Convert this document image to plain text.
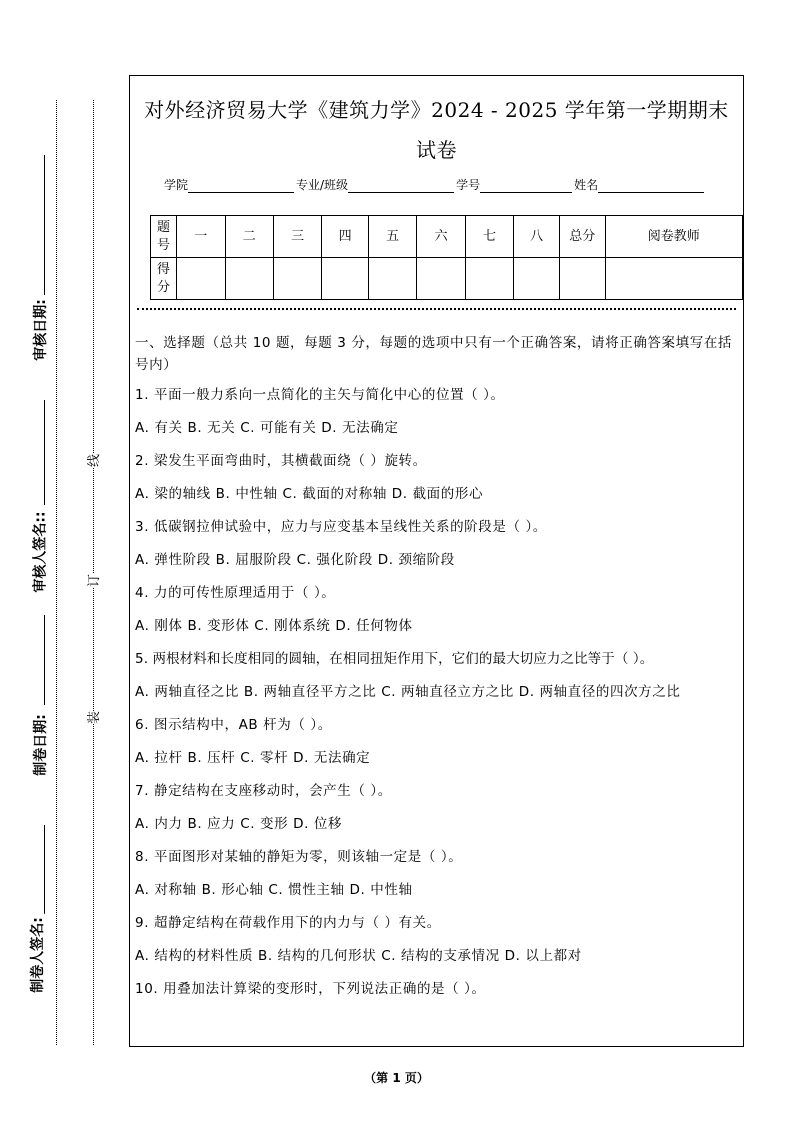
审核日期:
审核人签名::
制卷日期:
制卷人签名:
线
订
装
对外经济贸易大学《建筑力学》2024 - 2025 学年第一学期期末试卷
学院	专业/班级	学号	姓名
题号	一	二	三	四	五	六	七	八	总分	阅卷教师
得分										
一、选择题（总共 10 题，每题 3 分，每题的选项中只有一个正确答案，请将正确答案填写在括号内）
1. 平面一般力系向一点简化的主矢与简化中心的位置（ ）。
A. 有关 B. 无关 C. 可能有关 D. 无法确定
2. 梁发生平面弯曲时，其横截面绕（ ）旋转。
A. 梁的轴线 B. 中性轴 C. 截面的对称轴 D. 截面的形心
3. 低碳钢拉伸试验中，应力与应变基本呈线性关系的阶段是（ ）。
A. 弹性阶段 B. 屈服阶段 C. 强化阶段 D. 颈缩阶段
4. 力的可传性原理适用于（ ）。
A. 刚体 B. 变形体 C. 刚体系统 D. 任何物体
5. 两根材料和长度相同的圆轴，在相同扭矩作用下，它们的最大切应力之比等于（ ）。
A. 两轴直径之比 B. 两轴直径平方之比 C. 两轴直径立方之比 D. 两轴直径的四次方之比
6. 图示结构中，AB 杆为（ ）。
A. 拉杆 B. 压杆 C. 零杆 D. 无法确定
7. 静定结构在支座移动时，会产生（ ）。
A. 内力 B. 应力 C. 变形 D. 位移
8. 平面图形对某轴的静矩为零，则该轴一定是（ ）。
A. 对称轴 B. 形心轴 C. 惯性主轴 D. 中性轴
9. 超静定结构在荷载作用下的内力与（ ）有关。
A. 结构的材料性质 B. 结构的几何形状 C. 结构的支承情况 D. 以上都对
10. 用叠加法计算梁的变形时，下列说法正确的是（ ）。
（第 1 页）
